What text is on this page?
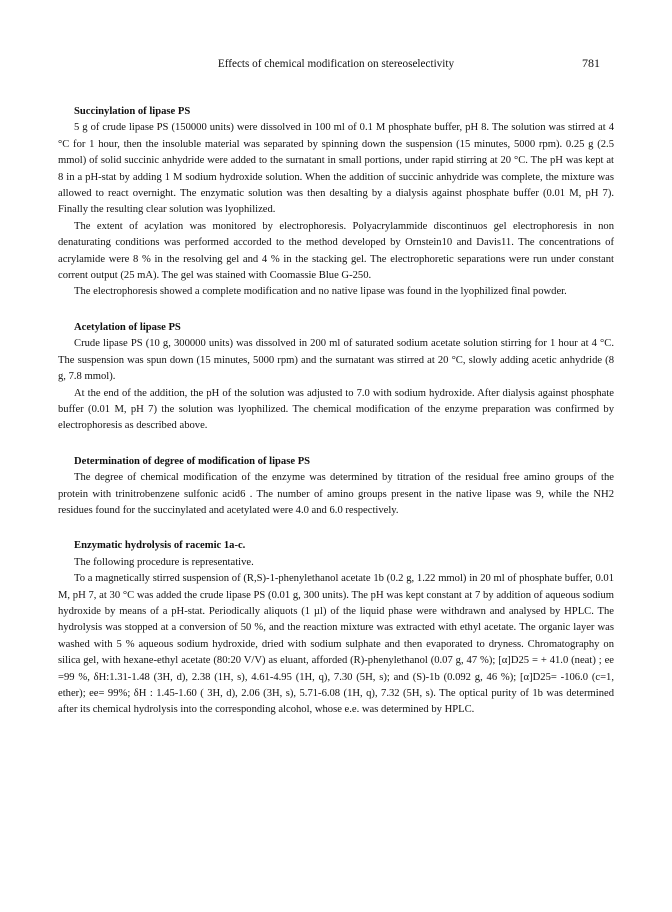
Effects of chemical modification on stereoselectivity	781
Succinylation of lipase PS

5 g of crude lipase PS (150000 units) were dissolved in 100 ml of 0.1 M phosphate buffer, pH 8. The solution was stirred at 4 °C for 1 hour, then the insoluble material was separated by spinning down the suspension (15 minutes, 5000 rpm). 0.25 g (2.5 mmol) of solid succinic anhydride were added to the surnatant in small portions, under rapid stirring at 20 °C. The pH was kept at 8 in a pH-stat by adding 1 M sodium hydroxide solution. When the addition of succinic anhydride was complete, the mixture was allowed to react overnight. The enzymatic solution was then desalting by a dialysis against phosphate buffer (0.01 M, pH 7). Finally the resulting clear solution was lyophilized.

The extent of acylation was monitored by electrophoresis. Polyacrylammide discontinuos gel electrophoresis in non denaturating conditions was performed accorded to the method developed by Ornstein10 and Davis11. The concentrations of acrylamide were 8 % in the resolving gel and 4 % in the stacking gel. The electrophoretic separations were run under constant corrent output (25 mA). The gel was stained with Coomassie Blue G-250.

The electrophoresis showed a complete modification and no native lipase was found in the lyophilized final powder.

Acetylation of lipase PS

Crude lipase PS (10 g, 300000 units) was dissolved in 200 ml of saturated sodium acetate solution stirring for 1 hour at 4 °C. The suspension was spun down (15 minutes, 5000 rpm) and the surnatant was stirred at 20 °C, slowly adding acetic anhydride (8 g, 7.8 mmol).

At the end of the addition, the pH of the solution was adjusted to 7.0 with sodium hydroxide. After dialysis against phosphate buffer (0.01 M, pH 7) the solution was lyophilized. The chemical modification of the enzyme preparation was confirmed by electrophoresis as described above.

Determination of degree of modification of lipase PS

The degree of chemical modification of the enzyme was determined by titration of the residual free amino groups of the protein with trinitrobenzene sulfonic acid6 . The number of amino groups present in the native lipase was 9, while the NH2 residues found for the succinylated and acetylated were 4.0 and 6.0 respectively.

Enzymatic hydrolysis of racemic 1a-c.

The following procedure is representative.

To a magnetically stirred suspension of (R,S)-1-phenylethanol acetate 1b (0.2 g, 1.22 mmol) in 20 ml of phosphate buffer, 0.01 M, pH 7, at 30 °C was added the crude lipase PS (0.01 g, 300 units). The pH was kept constant at 7 by addition of aqueous sodium hydroxide by means of a pH-stat. Periodically aliquots (1 µl) of the liquid phase were withdrawn and analysed by HPLC. The hydrolysis was stopped at a conversion of 50 %, and the reaction mixture was extracted with ethyl acetate. The organic layer was washed with 5 % aqueous sodium hydroxide, dried with sodium sulphate and then evaporated to dryness. Chromatography on silica gel, with hexane-ethyl acetate (80:20 V/V) as eluant, afforded (R)-phenylethanol (0.07 g, 47 %); [α]D25 = + 41.0 (neat) ; ee =99 %, δH:1.31-1.48 (3H, d), 2.38 (1H, s), 4.61-4.95 (1H, q), 7.30 (5H, s); and (S)-1b (0.092 g, 46 %); [α]D25= -106.0 (c=1, ether); ee= 99%; δH : 1.45-1.60 ( 3H, d), 2.06 (3H, s), 5.71-6.08 (1H, q), 7.32 (5H, s). The optical purity of 1b was determined after its chemical hydrolysis into the corresponding alcohol, whose e.e. was determined by HPLC.
